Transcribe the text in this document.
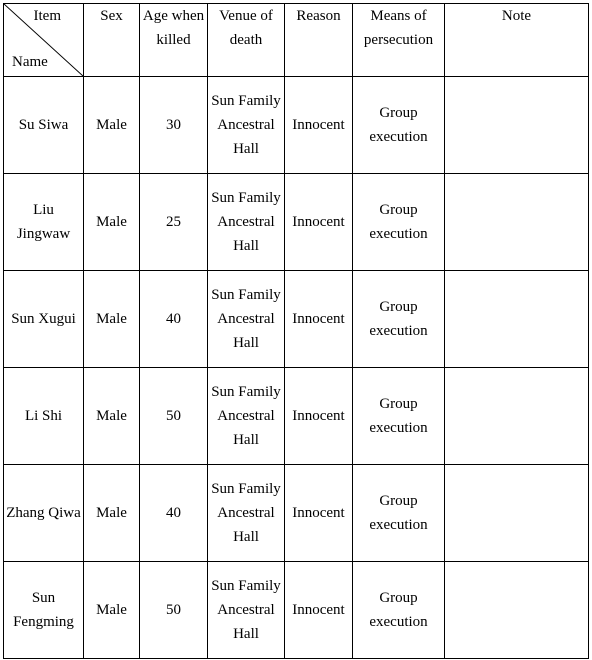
Item
Name	Sex	Age when killed	Venue of death	Reason	Means of persecution	Note
Su Siwa	Male	30	Sun Family Ancestral Hall	Innocent	Group execution	
Liu Jingwaw	Male	25	Sun Family Ancestral Hall	Innocent	Group execution	
Sun Xugui	Male	40	Sun Family Ancestral Hall	Innocent	Group execution	
Li Shi	Male	50	Sun Family Ancestral Hall	Innocent	Group execution	
Zhang Qiwa	Male	40	Sun Family Ancestral Hall	Innocent	Group execution	
Sun Fengming	Male	50	Sun Family Ancestral Hall	Innocent	Group execution	
